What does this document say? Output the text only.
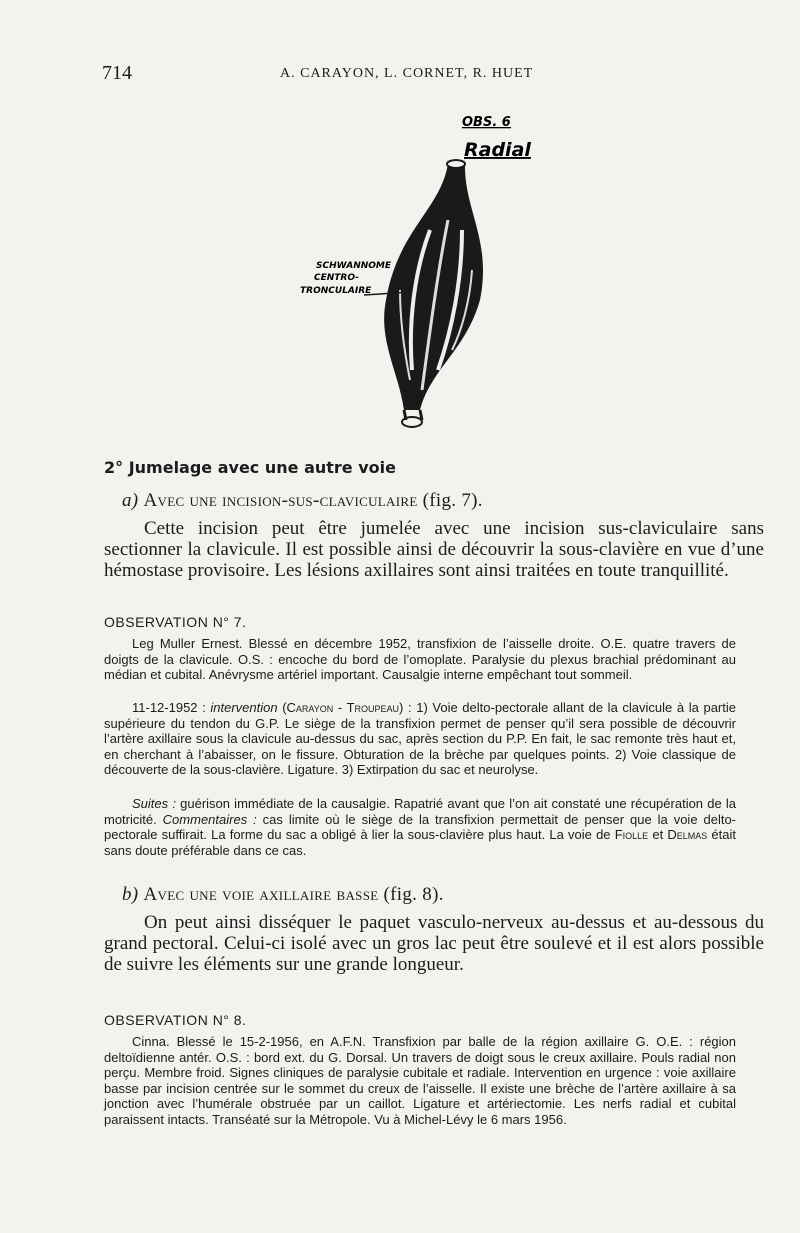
714	A. CARAYON, L. CORNET, R. HUET
OBS. 6
Radial
SCHWANNOME
CENTRO-
TRONCULAIRE
2° Jumelage avec une autre voie
a) Avec une incision-sus-claviculaire (fig. 7).

Cette incision peut être jumelée avec une incision sus-claviculaire sans sectionner la clavicule. Il est possible ainsi de découvrir la sous-clavière en vue d’une hémostase provisoire. Les lésions axillaires sont ainsi traitées en toute tranquillité.

OBSERVATION N° 7.

Leg Muller Ernest. Blessé en décembre 1952, transfixion de l’aisselle droite. O.E. quatre travers de doigts de la clavicule. O.S. : encoche du bord de l’omoplate. Paralysie du plexus brachial prédominant au médian et cubital. Anévrysme artériel important. Causalgie interne empêchant tout sommeil.

11-12-1952 : intervention (Carayon - Troupeau) : 1) Voie delto-pectorale allant de la clavicule à la partie supérieure du tendon du G.P. Le siège de la transfixion permet de penser qu’il sera possible de découvrir l’artère axillaire sous la clavicule au-dessus du sac, après section du P.P. En fait, le sac remonte très haut et, en cherchant à l’abaisser, on le fissure. Obturation de la brèche par quelques points. 2) Voie classique de découverte de la sous-clavière. Ligature. 3) Extirpation du sac et neurolyse.

Suites : guérison immédiate de la causalgie. Rapatrié avant que l’on ait constaté une récupération de la motricité. Commentaires : cas limite où le siège de la transfixion permettait de penser que la voie delto-pectorale suffirait. La forme du sac a obligé à lier la sous-clavière plus haut. La voie de Fiolle et Delmas était sans doute préférable dans ce cas.

b) Avec une voie axillaire basse (fig. 8).

On peut ainsi disséquer le paquet vasculo-nerveux au-dessus et au-dessous du grand pectoral. Celui-ci isolé avec un gros lac peut être soulevé et il est alors possible de suivre les éléments sur une grande longueur.

OBSERVATION N° 8.

Cinna. Blessé le 15-2-1956, en A.F.N. Transfixion par balle de la région axillaire G. O.E. : région deltoïdienne antér. O.S. : bord ext. du G. Dorsal. Un travers de doigt sous le creux axillaire. Pouls radial non perçu. Membre froid. Signes cliniques de paralysie cubitale et radiale. Intervention en urgence : voie axillaire basse par incision centrée sur le sommet du creux de l’aisselle. Il existe une brèche de l’artère axillaire à sa jonction avec l’humérale obstruée par un caillot. Ligature et artériectomie. Les nerfs radial et cubital paraissent intacts. Transéaté sur la Métropole. Vu à Michel-Lévy le 6 mars 1956.
